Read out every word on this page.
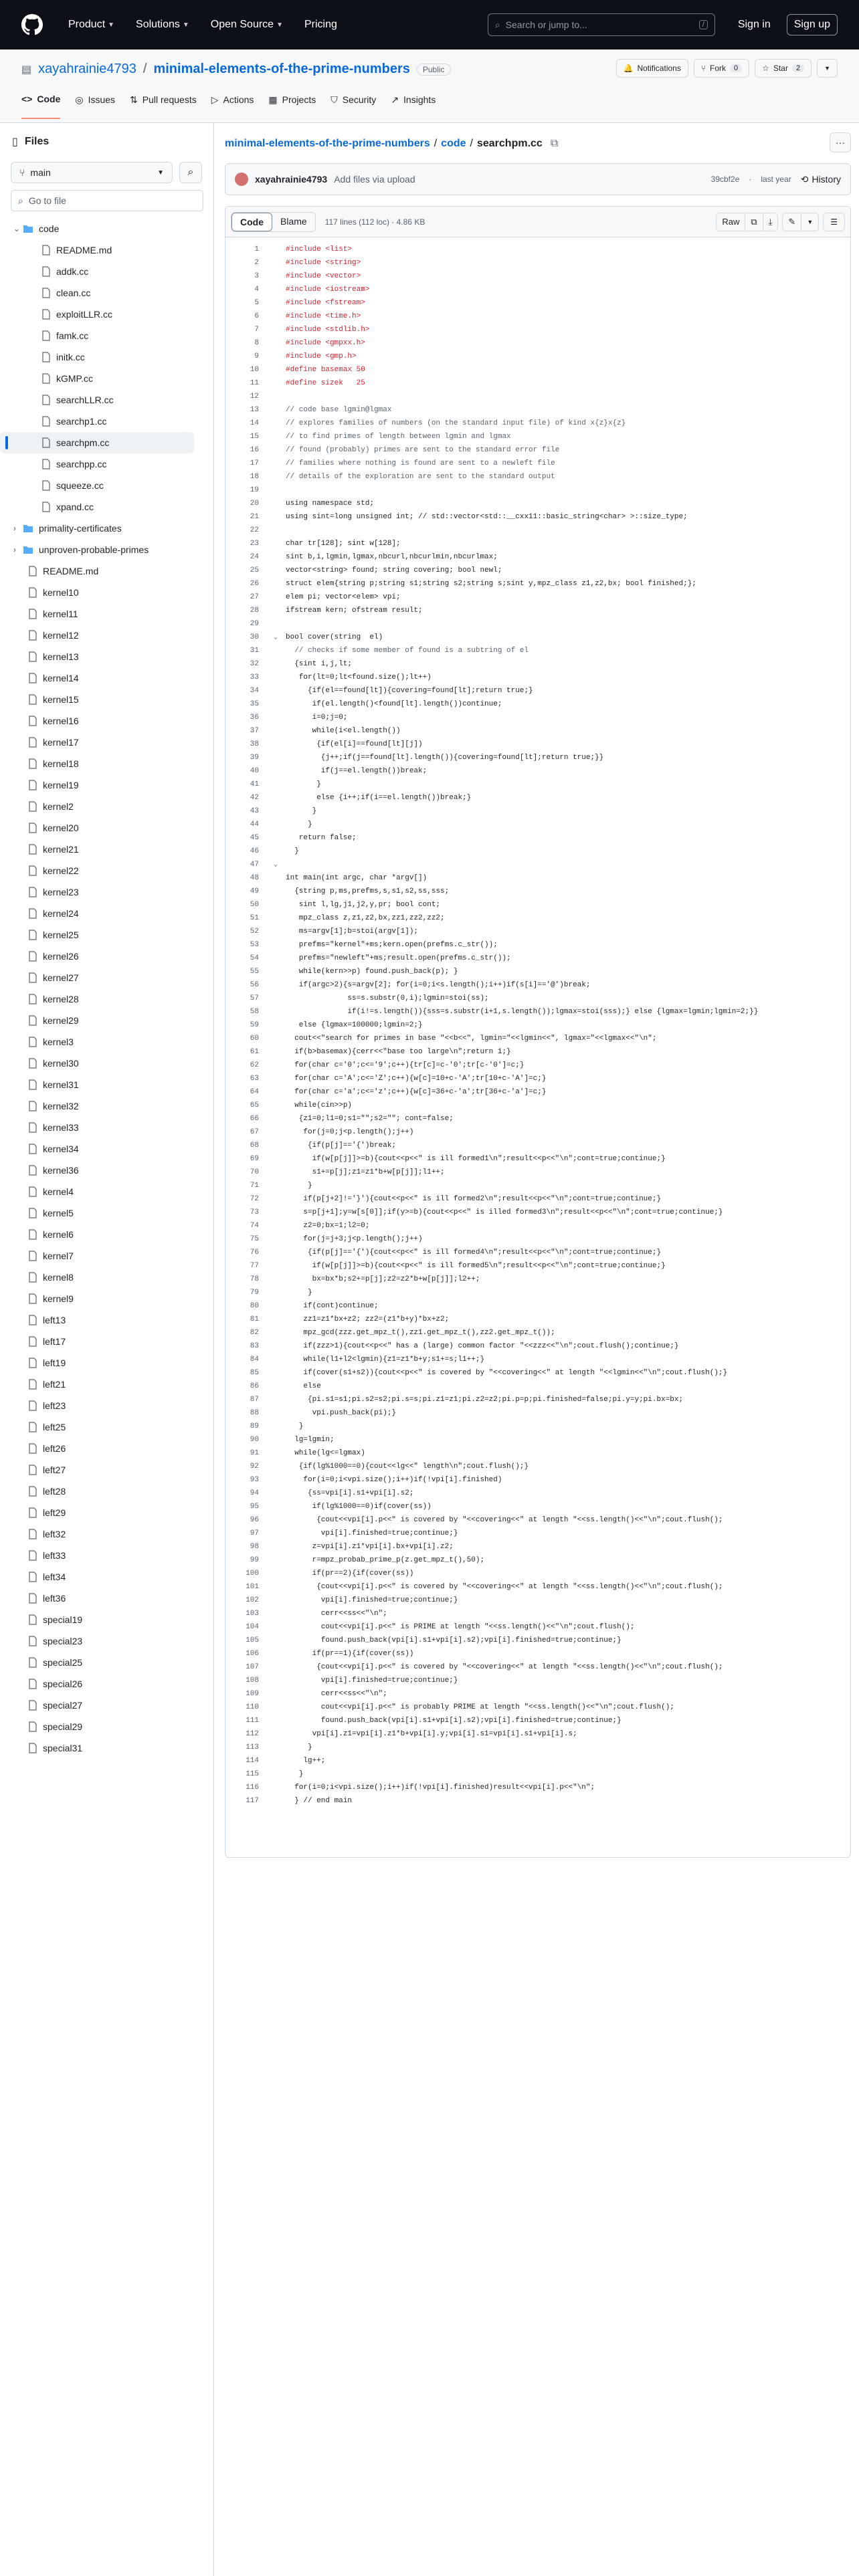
Product ▼ Solutions ▼ Open Source ▼ Pricing	⌕ Search or jump to...	/	Sign in	Sign up
▤ xayahrainie4793 / minimal-elements-of-the-prime-numbers	Public	🔔 Notifications	⑂ Fork	0	☆ Star	2	▼
<> Code ◎ Issues ⇅ Pull requests ▷ Actions ▦ Projects ⛉ Security ↗ Insights
▯ Files
⑂ main	▼ ⌕
⌕ Go to file
⌄ code
README.md
addk.cc
clean.cc
exploitLLR.cc
famk.cc
initk.cc
kGMP.cc
searchLLR.cc
searchp1.cc
searchpm.cc
searchpp.cc
squeeze.cc
xpand.cc
›	primality-certificates
›	unproven-probable-primes
README.md
kernel10
kernel11
kernel12
kernel13
kernel14
kernel15
kernel16
kernel17
kernel18
kernel19
kernel2
kernel20
kernel21
kernel22
kernel23
kernel24
kernel25
kernel26
kernel27
kernel28
kernel29
kernel3
kernel30
kernel31
kernel32
kernel33
kernel34
kernel36
kernel4
kernel5
kernel6
kernel7
kernel8
kernel9
left13
left17
left19
left21
left23
left25
left26
left27
left28
left29
left32
left33
left34
left36
special19
special23
special25
special26
special27
special29
special31
minimal-elements-of-the-prime-numbers / code / searchpm.cc ⧉	···
xayahrainie4793 Add files via upload	39cbf2e · last year ⟲ History
Code	Blame	117 lines (112 loc) · 4.86 KB	Raw	⧉	⤓	✎	▼	☰
1	#include <list>
2	#include <string>
3	#include <vector>
4	#include <iostream>
5	#include <fstream>
6	#include <time.h>
7	#include <stdlib.h>
8	#include <gmpxx.h>
9	#include <gmp.h>
10	#define basemax 50
11	#define sizek   25
12
13	// code base lgmin@lgmax
14	// explores families of numbers (on the standard input file) of kind x{z}x{z}
15	// to find primes of length between lgmin and lgmax
16	// found (probably) primes are sent to the standard error file
17	// families where nothing is found are sent to a newleft file
18	// details of the exploration are sent to the standard output
19
20	using namespace std;
21	using sint=long unsigned int; // std::vector<std::__cxx11::basic_string<char> >::size_type;
22
23	char tr[128]; sint w[128];
24	sint b,i,lgmin,lgmax,nbcurl,nbcurlmin,nbcurlmax;
25	vector<string> found; string covering; bool newl;
26	struct elem{string p;string s1;string s2;string s;sint y,mpz_class z1,z2,bx; bool finished;};
27	elem pi; vector<elem> vpi;
28	ifstream kern; ofstream result;
29
30	⌄	bool cover(string  el)
31	// checks if some member of found is a subtring of el
32	{sint i,j,lt;
33	for(lt=0;lt<found.size();lt++)
34	{if(el==found[lt]){covering=found[lt];return true;}
35	if(el.length()<found[lt].length())continue;
36	i=0;j=0;
37	while(i<el.length())
38	{if(el[i]==found[lt][j])
39	{j++;if(j==found[lt].length()){covering=found[lt];return true;}}
40	if(j==el.length())break;
41	}
42	else {i++;if(i==el.length())break;}
43	}
44	}
45	return false;
46	}
47	⌄
48	int main(int argc, char *argv[])
49	{string p,ms,prefms,s,s1,s2,ss,sss;
50	sint l,lg,j1,j2,y,pr; bool cont;
51	mpz_class z,z1,z2,bx,zz1,zz2,zz2;
52	ms=argv[1];b=stoi(argv[1]);
53	prefms="kernel"+ms;kern.open(prefms.c_str());
54	prefms="newleft"+ms;result.open(prefms.c_str());
55	while(kern>>p) found.push_back(p); }
56	if(argc>2){s=argv[2]; for(i=0;i<s.length();i++)if(s[i]=='@')break;
57	ss=s.substr(0,i);lgmin=stoi(ss);
58	if(i!=s.length()){sss=s.substr(i+1,s.length());lgmax=stoi(sss);} else {lgmax=lgmin;lgmin=2;}}
59	else {lgmax=100000;lgmin=2;}
60	cout<<"search for primes in base "<<b<<", lgmin="<<lgmin<<", lgmax="<<lgmax<<"\n";
61	if(b>basemax){cerr<<"base too large\n";return 1;}
62	for(char c='0';c<='9';c++){tr[c]=c-'0';tr[c-'0']=c;}
63	for(char c='A';c<='Z';c++){w[c]=10+c-'A';tr[10+c-'A']=c;}
64	for(char c='a';c<='z';c++){w[c]=36+c-'a';tr[36+c-'a']=c;}
65	while(cin>>p)
66	{z1=0;l1=0;s1="";s2=""; cont=false;
67	for(j=0;j<p.length();j++)
68	{if(p[j]=='{')break;
69	if(w[p[j]]>=b){cout<<p<<" is ill formed1\n";result<<p<<"\n";cont=true;continue;}
70	s1+=p[j];z1=z1*b+w[p[j]];l1++;
71	}
72	if(p[j+2]!='}'){cout<<p<<" is ill formed2\n";result<<p<<"\n";cont=true;continue;}
73	s=p[j+1];y=w[s[0]];if(y>=b){cout<<p<<" is illed formed3\n";result<<p<<"\n";cont=true;continue;}
74	z2=0;bx=1;l2=0;
75	for(j=j+3;j<p.length();j++)
76	{if(p[j]=='{'){cout<<p<<" is ill formed4\n";result<<p<<"\n";cont=true;continue;}
77	if(w[p[j]]>=b){cout<<p<<" is ill formed5\n";result<<p<<"\n";cont=true;continue;}
78	bx=bx*b;s2+=p[j];z2=z2*b+w[p[j]];l2++;
79	}
80	if(cont)continue;
81	zz1=z1*bx+z2; zz2=(z1*b+y)*bx+z2;
82	mpz_gcd(zzz.get_mpz_t(),zz1.get_mpz_t(),zz2.get_mpz_t());
83	if(zzz>1){cout<<p<<" has a (large) common factor "<<zzz<<"\n";cout.flush();continue;}
84	while(l1+l2<lgmin){z1=z1*b+y;s1+=s;l1++;}
85	if(cover(s1+s2)){cout<<p<<" is covered by "<<covering<<" at length "<<lgmin<<"\n";cout.flush();}
86	else
87	{pi.s1=s1;pi.s2=s2;pi.s=s;pi.z1=z1;pi.z2=z2;pi.p=p;pi.finished=false;pi.y=y;pi.bx=bx;
88	vpi.push_back(pi);}
89	}
90	lg=lgmin;
91	while(lg<=lgmax)
92	{if(lg%1000==0){cout<<lg<<" length\n";cout.flush();}
93	for(i=0;i<vpi.size();i++)if(!vpi[i].finished)
94	{ss=vpi[i].s1+vpi[i].s2;
95	if(lg%1000==0)if(cover(ss))
96	{cout<<vpi[i].p<<" is covered by "<<covering<<" at length "<<ss.length()<<"\n";cout.flush();
97	vpi[i].finished=true;continue;}
98	z=vpi[i].z1*vpi[i].bx+vpi[i].z2;
99	r=mpz_probab_prime_p(z.get_mpz_t(),50);
100	if(pr==2){if(cover(ss))
101	{cout<<vpi[i].p<<" is covered by "<<covering<<" at length "<<ss.length()<<"\n";cout.flush();
102	vpi[i].finished=true;continue;}
103	cerr<<ss<<"\n";
104	cout<<vpi[i].p<<" is PRIME at length "<<ss.length()<<"\n";cout.flush();
105	found.push_back(vpi[i].s1+vpi[i].s2);vpi[i].finished=true;continue;}
106	if(pr==1){if(cover(ss))
107	{cout<<vpi[i].p<<" is covered by "<<covering<<" at length "<<ss.length()<<"\n";cout.flush();
108	vpi[i].finished=true;continue;}
109	cerr<<ss<<"\n";
110	cout<<vpi[i].p<<" is probably PRIME at length "<<ss.length()<<"\n";cout.flush();
111	found.push_back(vpi[i].s1+vpi[i].s2);vpi[i].finished=true;continue;}
112	vpi[i].z1=vpi[i].z1*b+vpi[i].y;vpi[i].s1=vpi[i].s1+vpi[i].s;
113	}
114	lg++;
115	}
116	for(i=0;i<vpi.size();i++)if(!vpi[i].finished)result<<vpi[i].p<<"\n";
117	} // end main
